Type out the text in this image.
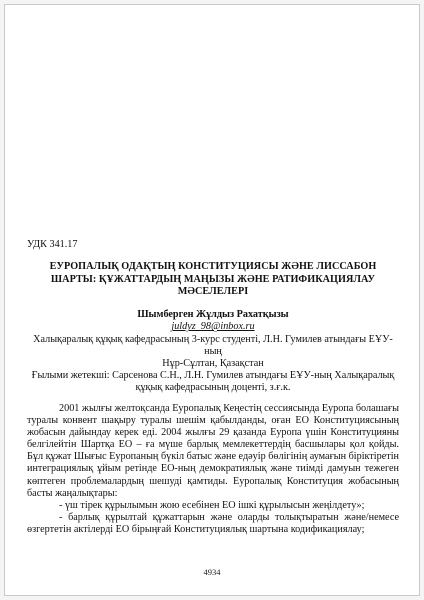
УДК 341.17

ЕУРОПАЛЫҚ ОДАҚТЫҢ КОНСТИТУЦИЯСЫ ЖӘНЕ ЛИССАБОН ШАРТЫ: ҚҰЖАТТАРДЫҢ МАҢЫЗЫ ЖӘНЕ РАТИФИКАЦИЯЛАУ МӘСЕЛЕЛЕРІ

Шымберген Жұлдыз Рахатқызы

juldyz_98@inbox.ru

Халықаралық құқық кафедрасының 3-курс студенті, Л.Н. Гумилев атындағы ЕҰУ-ның

Нұр-Сұлтан, Қазақстан

Ғылыми жетекші: Сарсенова С.Н., Л.Н. Гумилев атындағы ЕҰУ-ның Халықаралық құқық кафедрасының доценті, з.ғ.к.

2001 жылғы желтоқсанда Еуропалық Кеңестің сессиясында Еуропа болашағы туралы конвент шақыру туралы шешім қабылданды, оған ЕО Конституциясының жобасын дайындау керек еді. 2004 жылғы 29 қазанда Еуропа үшін Конституцияны белгілейтін Шартқа ЕО – ға мүше барлық мемлекеттердің басшылары қол қойды. Бұл құжат Шығыс Еуропаның бүкіл батыс және едәуір бөлігінің аумағын біріктіретін интеграциялық ұйым ретінде ЕО-ның демократиялық және тиімді дамуын тежеген көптеген проблемалардың шешуді қамтиды. Еуропалық Конституция жобасының басты жаңалықтары:

- үш тірек құрылымын жою есебінен ЕО ішкі құрылысын жеңілдету»;

- барлық құрылтай құжаттарын және оларды толықтыратын және/немесе өзгертетін актілерді ЕО бірыңғай Конституциялық шартына кодификациялау;

4934
